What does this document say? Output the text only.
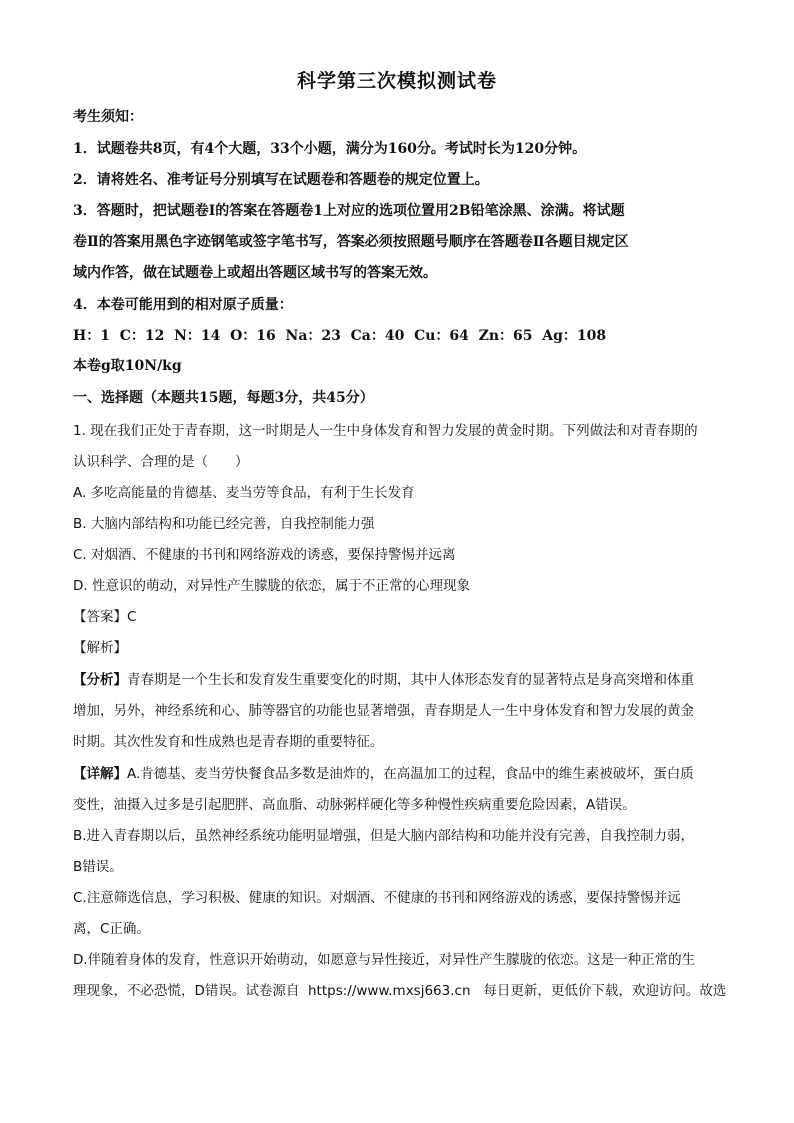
科学第三次模拟测试卷
考生须知：
1．试题卷共8页，有4个大题，33个小题，满分为160分。考试时长为120分钟。
2．请将姓名、准考证号分别填写在试题卷和答题卷的规定位置上。
3．答题时，把试题卷Ⅰ的答案在答题卷1上对应的选项位置用2B铅笔涂黑、涂满。将试题
卷Ⅱ的答案用黑色字迹钢笔或签字笔书写，答案必须按照题号顺序在答题卷Ⅱ各题目规定区
域内作答，做在试题卷上或超出答题区域书写的答案无效。
4．本卷可能用到的相对原子质量：
H：1  C：12  N：14  O：16  Na：23  Ca：40  Cu：64  Zn：65  Ag：108
本卷g取10N/kg
一、选择题（本题共15题，每题3分，共45分）
1. 现在我们正处于青春期，这一时期是人一生中身体发育和智力发展的黄金时期。下列做法和对青春期的
认识科学、合理的是（　　）
A. 多吃高能量的肯德基、麦当劳等食品，有利于生长发育
B. 大脑内部结构和功能已经完善，自我控制能力强
C. 对烟酒、不健康的书刊和网络游戏的诱惑，要保持警惕并远离
D. 性意识的萌动，对异性产生朦胧的依恋，属于不正常的心理现象
【答案】C
【解析】
【分析】青春期是一个生长和发育发生重要变化的时期，其中人体形态发育的显著特点是身高突增和体重
增加，另外，神经系统和心、肺等器官的功能也显著增强，青春期是人一生中身体发育和智力发展的黄金
时期。其次性发育和性成熟也是青春期的重要特征。
【详解】A.肯德基、麦当劳快餐食品多数是油炸的，在高温加工的过程，食品中的维生素被破坏，蛋白质
变性，油摄入过多是引起肥胖、高血脂、动脉粥样硬化等多种慢性疾病重要危险因素，A错误。
B.进入青春期以后，虽然神经系统功能明显增强，但是大脑内部结构和功能并没有完善，自我控制力弱，
B错误。
C.注意筛选信息，学习积极、健康的知识。对烟酒、不健康的书刊和网络游戏的诱惑，要保持警惕并远
离，C正确。
D.伴随着身体的发育，性意识开始萌动，如愿意与异性接近，对异性产生朦胧的依恋。这是一种正常的生
理现象，不必恐慌，D错误。试卷源自  https://www.mxsj663.cn   每日更新，更低价下载，欢迎访问。故选
